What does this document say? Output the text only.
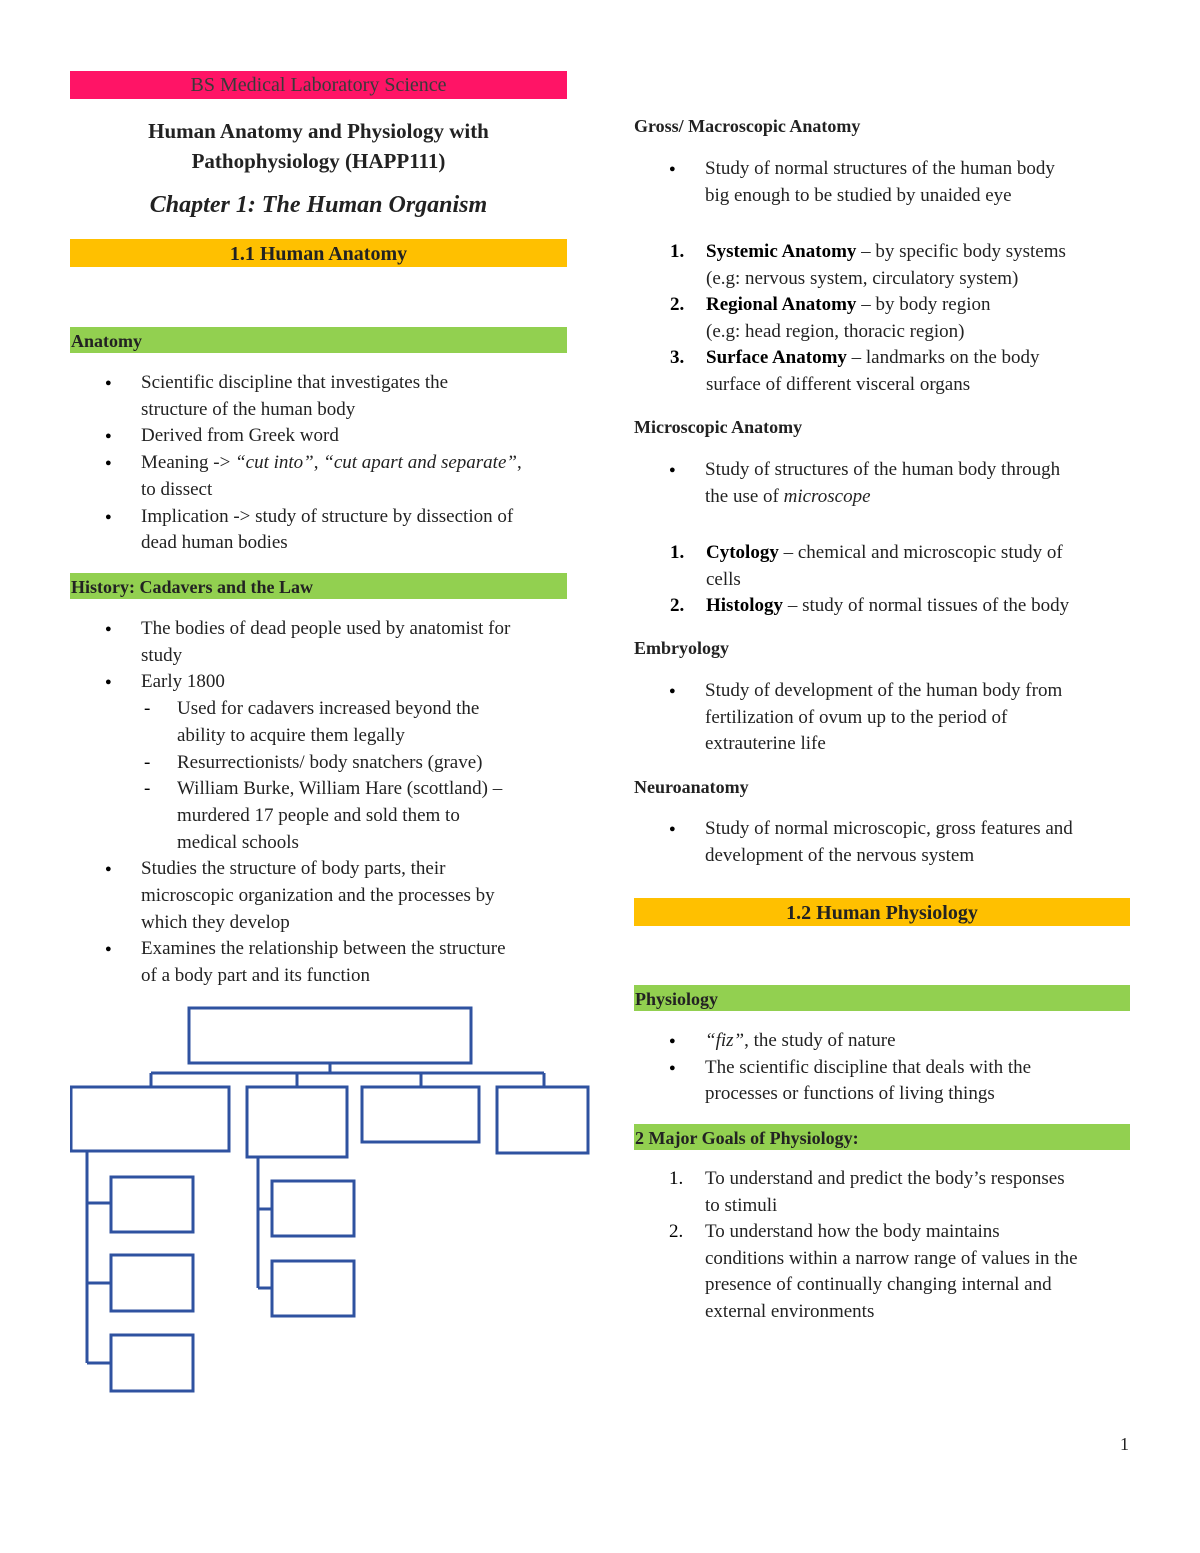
BS Medical Laboratory Science
Human Anatomy and Physiology with
Pathophysiology (HAPP111)
Chapter 1: The Human Organism
1.1 Human Anatomy
Anatomy
● Scientific discipline that investigates the
structure of the human body
● Derived from Greek word
● Meaning -> “cut into”, “cut apart and separate”,
to dissect
● Implication -> study of structure by dissection of
dead human bodies
History: Cadavers and the Law
● The bodies of dead people used by anatomist for
study
● Early 1800
- Used for cadavers increased beyond the
ability to acquire them legally
- Resurrectionists/ body snatchers (grave)
- William Burke, William Hare (scottland) –
murdered 17 people and sold them to
medical schools
● Studies the structure of body parts, their
microscopic organization and the processes by
which they develop
● Examines the relationship between the structure
of a body part and its function
Gross/ Macroscopic Anatomy
● Study of normal structures of the human body
big enough to be studied by unaided eye
1. Systemic Anatomy – by specific body systems
(e.g: nervous system, circulatory system)
2. Regional Anatomy – by body region
(e.g: head region, thoracic region)
3. Surface Anatomy – landmarks on the body
surface of different visceral organs
Microscopic Anatomy
● Study of structures of the human body through
the use of microscope
1. Cytology – chemical and microscopic study of
cells
2. Histology – study of normal tissues of the body
Embryology
● Study of development of the human body from
fertilization of ovum up to the period of
extrauterine life
Neuroanatomy
● Study of normal microscopic, gross features and
development of the nervous system
1.2 Human Physiology
Physiology
● “fiz”, the study of nature
● The scientific discipline that deals with the
processes or functions of living things
2 Major Goals of Physiology:
1. To understand and predict the body’s responses
to stimuli
2. To understand how the body maintains
conditions within a narrow range of values in the
presence of continually changing internal and
external environments
1
